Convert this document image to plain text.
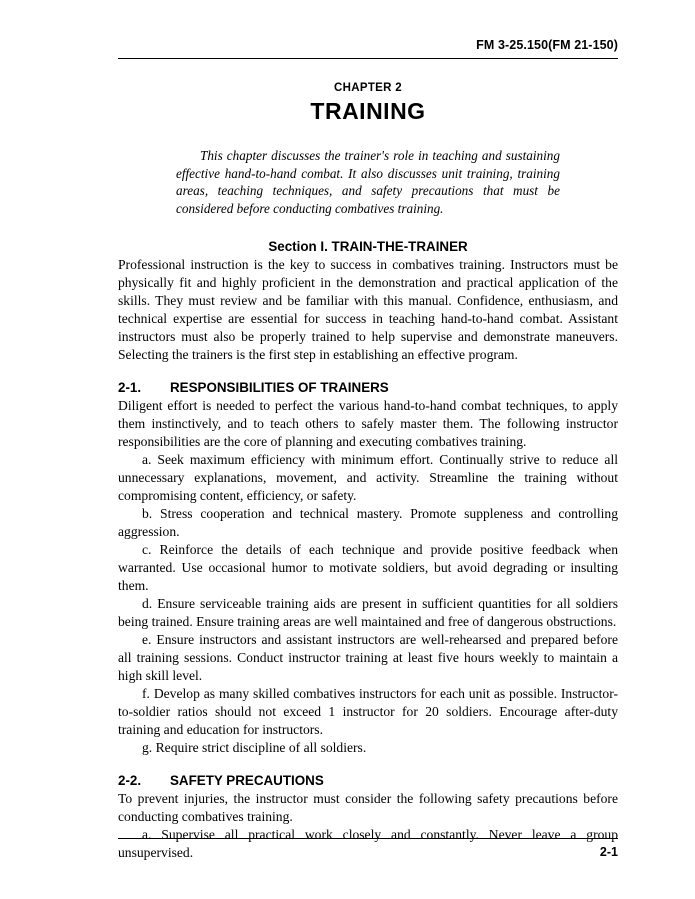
FM 3-25.150(FM 21-150)
CHAPTER 2
TRAINING
This chapter discusses the trainer's role in teaching and sustaining effective hand-to-hand combat. It also discusses unit training, training areas, teaching techniques, and safety precautions that must be considered before conducting combatives training.
Section I. TRAIN-THE-TRAINER

Professional instruction is the key to success in combatives training. Instructors must be physically fit and highly proficient in the demonstration and practical application of the skills. They must review and be familiar with this manual. Confidence, enthusiasm, and technical expertise are essential for success in teaching hand-to-hand combat. Assistant instructors must also be properly trained to help supervise and demonstrate maneuvers. Selecting the trainers is the first step in establishing an effective program.

2-1. RESPONSIBILITIES OF TRAINERS

Diligent effort is needed to perfect the various hand-to-hand combat techniques, to apply them instinctively, and to teach others to safely master them. The following instructor responsibilities are the core of planning and executing combatives training.

a. Seek maximum efficiency with minimum effort. Continually strive to reduce all unnecessary explanations, movement, and activity. Streamline the training without compromising content, efficiency, or safety.

b. Stress cooperation and technical mastery. Promote suppleness and controlling aggression.

c. Reinforce the details of each technique and provide positive feedback when warranted. Use occasional humor to motivate soldiers, but avoid degrading or insulting them.

d. Ensure serviceable training aids are present in sufficient quantities for all soldiers being trained. Ensure training areas are well maintained and free of dangerous obstructions.

e. Ensure instructors and assistant instructors are well-rehearsed and prepared before all training sessions. Conduct instructor training at least five hours weekly to maintain a high skill level.

f. Develop as many skilled combatives instructors for each unit as possible. Instructor-to-soldier ratios should not exceed 1 instructor for 20 soldiers. Encourage after-duty training and education for instructors.

g. Require strict discipline of all soldiers.

2-2. SAFETY PRECAUTIONS

To prevent injuries, the instructor must consider the following safety precautions before conducting combatives training.

a. Supervise all practical work closely and constantly. Never leave a group unsupervised.	2-1
